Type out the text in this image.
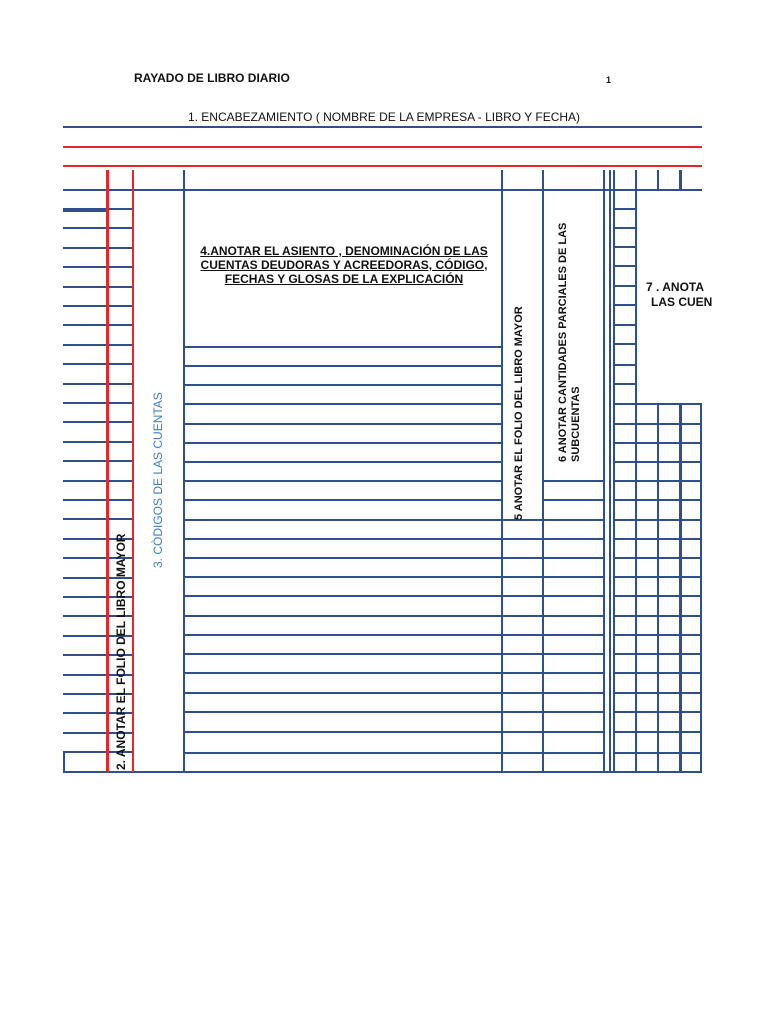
RAYADO DE LIBRO DIARIO	1
1. ENCABEZAMIENTO ( NOMBRE DE LA EMPRESA - LIBRO Y FECHA)
4.ANOTAR EL ASIENTO , DENOMINACIÓN DE LAS CUENTAS DEUDORAS Y ACREEDORAS, CÓDIGO, FECHAS Y GLOSAS DE LA EXPLICACIÓN
2. ANOTAR EL FOLIO DEL LIBRO MAYOR
3. CÒDIGOS DE LAS CUENTAS	5 ANOTAR EL FOLIO DEL LIBRO MAYOR	6 ANOTAR CANTIDADES PARCIALES DE LAS SUBCUENTAS
7 . ANOTA
LAS CUEN
